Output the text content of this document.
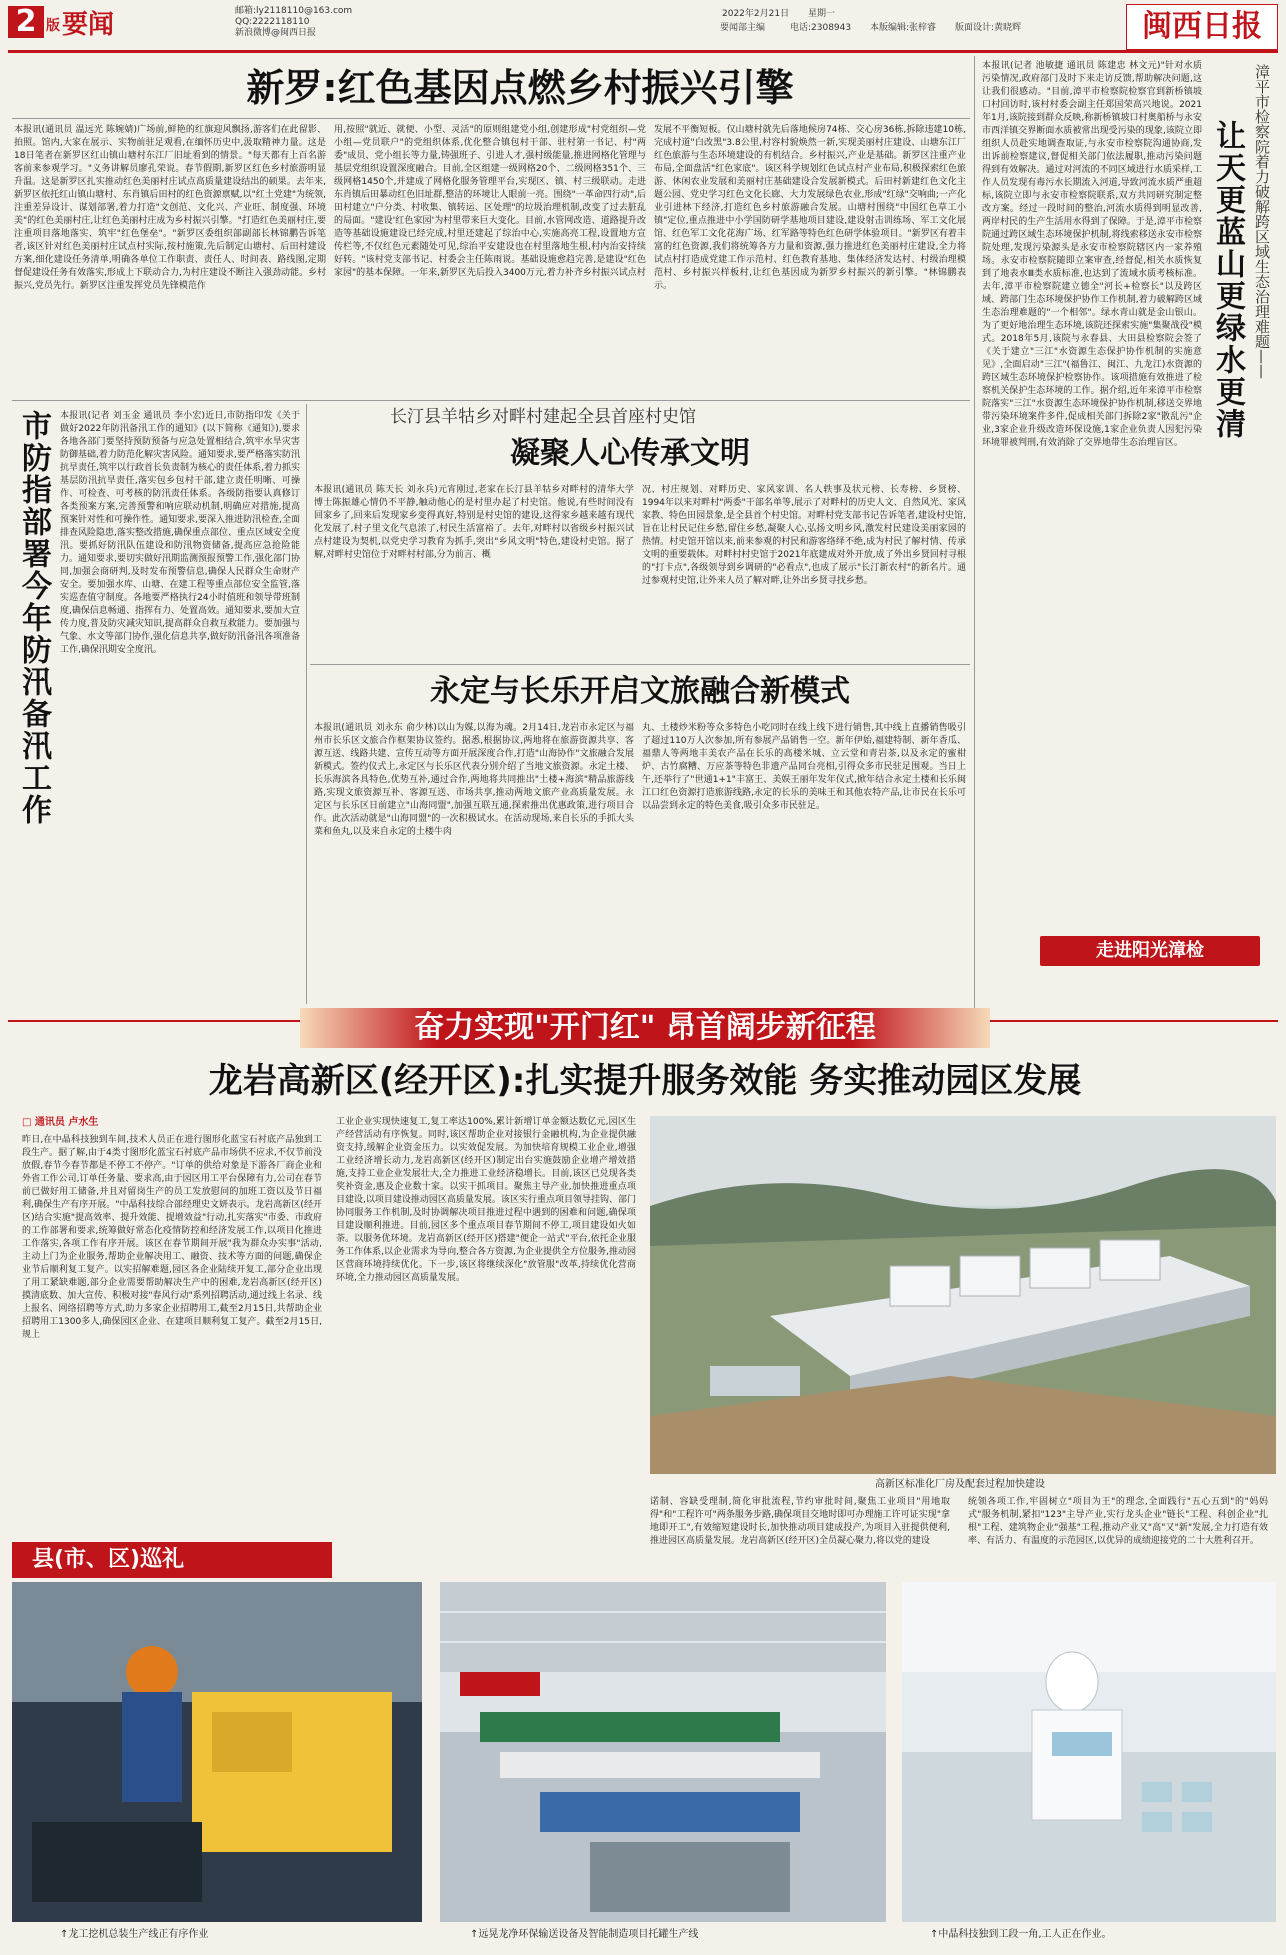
2 版 要闻	邮箱:ly2118110@163.com
QQ:2222118110
新浪微博@闽西日报
2022年2月21日 星期一
要闻部主编	电话:2308943 本版编辑:张梓睿 版面设计:黄晓辉	闽西日报
新罗:红色基因点燃乡村振兴引擎
本报讯(通讯员 温远光 陈婉婧)广场前,鲜艳的红旗迎风飘扬,游客们在此留影、拍照。馆内,大家在展示、实物前驻足观看,在缅怀历史中,汲取精神力量。这是18日笔者在新罗区红山镇山塘村东江厂旧址看到的情景。"每天都有上百名游客前来参观学习。"义务讲解员廖孔荣说。春节假期,新罗区红色乡村旅游明显升温。这是新罗区扎实推动红色美丽村庄试点高质量建设结出的硕果。去年来,新罗区依托红山镇山塘村、东肖镇后田村的红色资源禀赋,以"红土党建"为统领,注重差异设计、谋划部署,着力打造"文创范、文化兴、产业旺、制度强、环境美"的红色美丽村庄,让红色美丽村庄成为乡村振兴引擎。"打造红色美丽村庄,要注重项目落地落实、筑牢"红色堡垒"。"新罗区委组织部副部长林锦鹏告诉笔者,该区针对红色美丽村庄试点村实际,按村施策,先后制定山塘村、后田村建设方案,细化建设任务清单,明确各单位工作职责、责任人、时间表、路线图,定期督促建设任务有效落实,形成上下联动合力,为村庄建设不断注入强劲动能。乡村振兴,党员先行。新罗区注重发挥党员先锋模范作
用,按照"就近、就便、小型、灵活"的原则组建党小组,创建形成"村党组织—党小组—党员联户"的党组织体系,优化整合镇包村干部、驻村第一书记、村"两委"成员、党小组长等力量,铸强班子、引进人才,强村级能量,推进网格化管理与基层党组织设置深度融合。目前,全区组建一级网格20个、二级网格351个、三级网格1450个,并建成了网格化服务管理平台,实现区、镇、村三级联动。走进东肖镇后田暴动红色旧址群,整洁的环境让人眼前一亮。围绕"一革命四行动",后田村建立"户分类、村收集、镇转运、区处理"的垃圾治理机制,改变了过去脏乱的局面。"建设'红色家园'为村里带来巨大变化。目前,水管网改造、道路提升改造等基础设施建设已经完成,村里还建起了综治中心,实施高亮工程,设置地方宣传栏等,不仅红色元素随处可见,综治平安建设也在村里落地生根,村内治安持续好转。"该村党支部书记、村委会主任陈雨说。基础设施愈趋完善,是建设"红色家园"的基本保障。一年来,新罗区先后投入3400万元,着力补齐乡村振兴试点村
发展不平衡短板。仅山塘村就先后落地候房74栋、交心房36栋,拆除违建10栋,完成村道"白改黑"3.8公里,村容村貌焕然一新,实现美丽村庄建设、山塘东江厂红色旅游与生态环境建设的有机结合。乡村振兴,产业是基础。新罗区注重产业布局,全面盘活"红色家底"。该区科学规划红色试点村产业布局,积极探索红色旅游、休闲农业发展和美丽村庄基础建设合发展新模式。后田村新建红色文化主题公园、党史学习红色文化长廊、大力发展绿色农业,形成"红绿"交响曲;一产化业引进林下经济,打造红色乡村旅游融合发展。山塘村围绕"中国红色草工小镇"定位,重点推进中小学国防研学基地项目建设,建设射击训练场、军工文化展馆、红色军工文化花海广场、红军路等特色红色研学体验项目。"新罗区有着丰富的红色资源,我们将统筹各方力量和资源,强力推进红色美丽村庄建设,全力将试点村打造成党建工作示范村、红色教育基地、集体经济发达村、村级治理模范村、乡村振兴样板村,让红色基因成为新罗乡村振兴的新引擎。"林锦鹏表示。
本报讯(记者 池敏捷 通讯员 陈建忠 林文元)"针对水质污染情况,政府部门及时下来走访反馈,帮助解决问题,这让我们很感动。"目前,漳平市检察院检察官到新桥镇坡口村回访时,该村村委会副主任郑国荣高兴地说。2021年1月,该院接到群众反映,称新桥镇坡口村奥船桥与永安市西洋镇交界断面水质被常出现受污染的现象,该院立即组织人员赴实地调查取证,与永安市检察院沟通协商,发出诉前检察建议,督促相关部门依法履职,推动污染问题得到有效解决。通过对河流的不同区域进行水质采样,工作人员发现有毒污水长期流入河道,导致河流水质严重超标,该院立即与永安市检察院联系,双方共同研究制定整改方案。经过一段时间的整治,河流水质得到明显改善,两岸村民的生产生活用水得到了保障。于是,漳平市检察院通过跨区域生态环境保护机制,将线索移送永安市检察院处理,发现污染源头是永安市检察院辖区内一家养殖场。永安市检察院随即立案审查,经督促,相关水质恢复到了地表水Ⅲ类水质标准,也达到了流域水质考核标准。去年,漳平市检察院建立德全"河长+检察长"以及跨区域、跨部门生态环境保护协作工作机制,着力破解跨区域生态治理难题的"一个相邻"。绿水青山就是金山银山。为了更好地治理生态环境,该院还探索实施"集聚战役"模式。2018年5月,该院与永春县、大田县检察院会签了《关于建立"三江"水资源生态保护协作机制的实施意见》,全面启动"三江"(福鲁江、闽江、九龙江)水资源的跨区域生态环境保护检察协作。该项措施有效推进了检察机关保护生态环境的工作。据介绍,近年来漳平市检察院落实"三江"水资源生态环境保护协作机制,移送交界地带污染环境案件多件,促成相关部门拆除2家"散乱污"企业,3家企业升级改造环保设施,1家企业负责人因犯污染环境罪被判刑,有效消除了交界地带生态治理盲区。
漳平市检察院着力破解跨区域生态治理难题——
让天更蓝山更绿水更清
走进阳光漳检
市防指部署今年防汛备汛工作 本报讯(记者 刘玉金 通讯员 李小宏)近日,市防指印发《关于做好2022年防汛备汛工作的通知》(以下简称《通知》),要求各地各部门要坚持预防预备与应急处置相结合,筑牢水旱灾害防御基础,着力防范化解灾害风险。通知要求,要严格落实防汛抗旱责任,筑牢以行政首长负责制为核心的责任体系,着力抓实基层防汛抗旱责任,落实包乡包村干部,建立责任明晰、可操作、可检查、可考核的防汛责任体系。各级防指要认真修订各类预案方案,完善预警和响应联动机制,明确应对措施,提高预案针对性和可操作性。通知要求,要深入推进防汛检查,全面排查风险隐患,落实整改措施,确保重点部位、重点区域安全度汛。要抓好防汛队伍建设和防汛物资储备,提高应急抢险能力。通知要求,要切实做好汛期监测预报预警工作,强化部门协同,加强会商研判,及时发布预警信息,确保人民群众生命财产安全。要加强水库、山塘、在建工程等重点部位安全监管,落实巡查值守制度。各地要严格执行24小时值班和领导带班制度,确保信息畅通、指挥有力、处置高效。通知要求,要加大宣传力度,普及防灾减灾知识,提高群众自救互救能力。要加强与气象、水文等部门协作,强化信息共享,做好防汛备汛各项准备工作,确保汛期安全度汛。
长汀县羊牯乡对畔村建起全县首座村史馆
凝聚人心传承文明
本报讯(通讯员 陈天长 刘永兵)元宵刚过,老家在长汀县羊牯乡对畔村的清华大学博士陈振雄心情仍不平静,触动他心的是村里办起了村史馆。他说,有些时间没有回家乡了,回来后发现家乡变得真好,特别是村史馆的建设,这得家乡越来越有现代化发展了,村子里文化气息浓了,村民生活富裕了。去年,对畔村以省级乡村振兴试点村建设为契机,以党史学习教育为抓手,突出"乡风文明"特色,建设村史馆。据了解,对畔村史馆位于对畔村村部,分为前言、概
况、村庄规划、对畔历史、家风家训、名人轶事及状元榜、长寿榜、乡贤榜、1994年以来对畔村"两委"干部名单等,展示了对畔村的历史人文、自然风光、家风家教、特色田园景象,是全县首个村史馆。对畔村党支部书记告诉笔者,建设村史馆,旨在让村民记住乡愁,留住乡愁,凝聚人心,弘扬文明乡风,激发村民建设美丽家园的热情。村史馆开馆以来,前来参观的村民和游客络绎不绝,成为村民了解村情、传承文明的重要载体。对畔村村史馆于2021年底建成对外开放,成了外出乡贤回村寻根的"打卡点",各级领导到乡调研的"必看点",也成了展示"长汀新农村"的新名片。通过参观村史馆,让外来人员了解对畔,让外出乡贤寻找乡愁。
永定与长乐开启文旅融合新模式
本报讯(通讯员 刘永东 俞少林)以山为媒,以海为魂。2月14日,龙岩市永定区与福州市长乐区文旅合作框架协议签约。据悉,根据协议,两地将在旅游资源共享、客源互送、线路共建、宣传互动等方面开展深度合作,打造"山海协作"文旅融合发展新模式。签约仪式上,永定区与长乐区代表分别介绍了当地文旅资源。永定土楼、长乐海滨各具特色,优势互补,通过合作,两地将共同推出"土楼+海滨"精品旅游线路,实现文旅资源互补、客源互送、市场共享,推动两地文旅产业高质量发展。永定区与长乐区日前建立"山海同盟",加强互联互通,探索推出优惠政策,进行项目合作。此次活动就是"山海同盟"的一次积极试水。在活动现场,来自长乐的手抓大头菜和鱼丸,以及来自永定的土楼牛肉
丸、土楼炒米粉等众多特色小吃同时在线上线下进行销售,其中线上直播销售吸引了超过110万人次参加,所有参展产品销售一空。新年伊始,福建特制、新年香瓜、福鼎人等两地丰美农产品在长乐的高楼米城、立云堂和青岩茶,以及永定的蜜柑炉、古竹腐糟、万应茶等特色非遗产品同台亮相,引得众多市民驻足围观。当日上午,还举行了"世通1+1"丰富王、美娱王丽年发年仪式,掀年结合永定土楼和长乐闽江口红色资源打造旅游线路,永定的长乐的美味王和其他农特产品,让市民在长乐可以品尝到永定的特色美食,吸引众多市民驻足。
奋力实现"开门红" 昂首阔步新征程
龙岩高新区(经开区):扎实提升服务效能 务实推动园区发展
□ 通讯员 卢水生
昨日,在中晶科技独到车间,技术人员正在进行图形化蓝宝石衬底产品独到工段生产。据了解,由于4类寸图形化蓝宝石衬底产品市场供不应求,不仅节前没放假,春节今春节都是不停工不停产。"订单的供给对象是下游各厂商企业和外省工作公司,订单任务量、要求高,由于园区用工平台保障有力,公司在春节前已做好用工储备,并且对留岗生产的员工发放慰问的加班工资以及节日福利,确保生产有序开展。"中晶科技综合部经理史文妍表示。龙岩高新区(经开区)结合实施"提高效率、提升效能、提增效益"行动,扎实落实"市委、市政府的工作部署和要求,统筹做好常态化疫情防控和经济发展工作,以项目化推进工作落实,各项工作有序开展。该区在春节期间开展"我为群众办实事"活动,主动上门为企业服务,帮助企业解决用工、融资、技术等方面的问题,确保企业节后顺利复工复产。以实招解难题,园区各企业陆续开复工,部分企业出现了用工紧缺难题,部分企业需要帮助解决生产中的困难,龙岩高新区(经开区)摸清底数、加大宣传、积极对接"春风行动"系列招聘活动,通过线上名录、线上报名、网络招聘等方式,助力多家企业招聘用工,截至2月15日,共帮助企业招聘用工1300多人,确保园区企业、在建项目顺利复工复产。截至2月15日,规上
工业企业实现快速复工,复工率达100%,累计新增订单金额达数亿元,园区生产经营活动有序恢复。同时,该区帮助企业对接银行金融机构,为企业提供融资支持,缓解企业资金压力。以实效促发展。为加快培育规模工业企业,增强工业经济增长动力,龙岩高新区(经开区)制定出台实施鼓励企业增产增效措施,支持工业企业发展壮大,全力推进工业经济稳增长。目前,该区已兑现各类奖补资金,惠及企业数十家。以实干抓项目。聚焦主导产业,加快推进重点项目建设,以项目建设推动园区高质量发展。该区实行重点项目领导挂钩、部门协同服务工作机制,及时协调解决项目推进过程中遇到的困难和问题,确保项目建设顺利推进。目前,园区多个重点项目春节期间不停工,项目建设如火如荼。以服务优环境。龙岩高新区(经开区)搭建"便企一站式"平台,依托企业服务工作体系,以企业需求为导向,整合各方资源,为企业提供全方位服务,推动园区营商环境持续优化。下一步,该区将继续深化"放管服"改革,持续优化营商环境,全力推动园区高质量发展。
高新区标准化厂房及配套过程加快建设
诺制、容缺受理制,简化审批流程,节约审批时间,聚焦工业项目"用地取得"和"工程许可"两条服务步路,确保项目交地时即可办理施工许可证实现"拿地即开工",有效缩短建设时长,加快推动项目建成投产,为项目入驻提供便利,推进园区高质量发展。龙岩高新区(经开区)全员凝心聚力,将以党的建设
统领各项工作,牢固树立"项目为王"的理念,全面践行"五心五到"的"妈妈式"服务机制,紧扣"123"主导产业,实行龙头企业"链长"工程、科创企业"扎根"工程、建筑物企业"强基"工程,推动产业又"高"又"新"发展,全力打造有效率、有活力、有温度的示范园区,以优异的成绩迎接党的二十大胜利召开。
县(市、区)巡礼
↑龙工挖机总装生产线正有序作业	↑远晃龙净环保输送设备及智能制造项目托罐生产线	↑中晶科技独到工段一角,工人正在作业。
